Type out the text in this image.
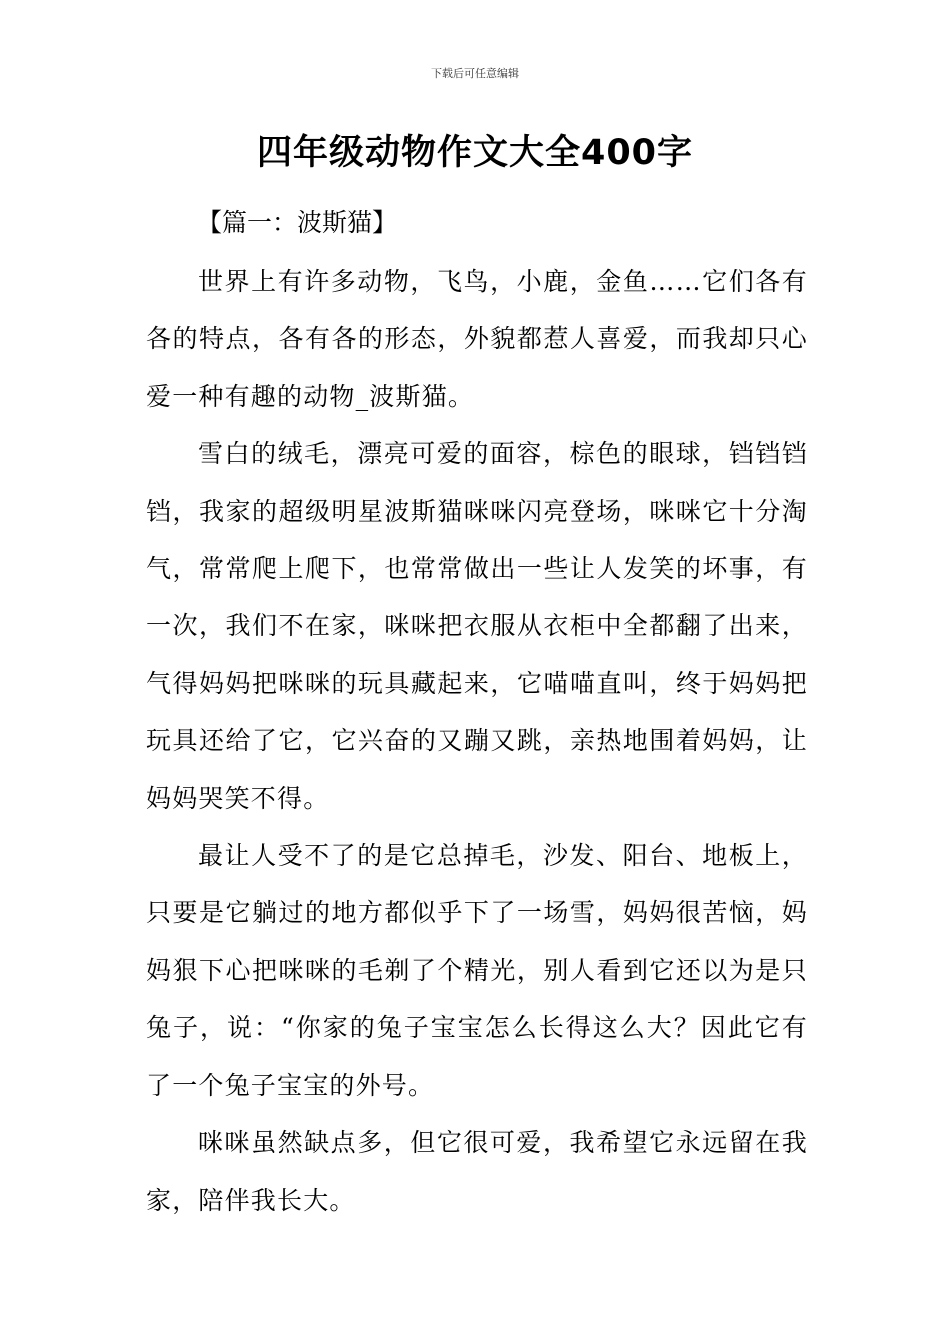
下载后可任意编辑
四年级动物作文大全400字
【篇一：波斯猫】

世界上有许多动物，飞鸟，小鹿，金鱼……它们各有各的特点，各有各的形态，外貌都惹人喜爱，而我却只心爱一种有趣的动物_波斯猫。

雪白的绒毛，漂亮可爱的面容，棕色的眼球，铛铛铛铛，我家的超级明星波斯猫咪咪闪亮登场，咪咪它十分淘气，常常爬上爬下，也常常做出一些让人发笑的坏事，有一次，我们不在家，咪咪把衣服从衣柜中全都翻了出来，气得妈妈把咪咪的玩具藏起来，它喵喵直叫，终于妈妈把玩具还给了它，它兴奋的又蹦又跳，亲热地围着妈妈，让妈妈哭笑不得。

最让人受不了的是它总掉毛，沙发、阳台、地板上，只要是它躺过的地方都似乎下了一场雪，妈妈很苦恼，妈妈狠下心把咪咪的毛剃了个精光，别人看到它还以为是只兔子，说：“你家的兔子宝宝怎么长得这么大？因此它有了一个兔子宝宝的外号。

咪咪虽然缺点多，但它很可爱，我希望它永远留在我家，陪伴我长大。
